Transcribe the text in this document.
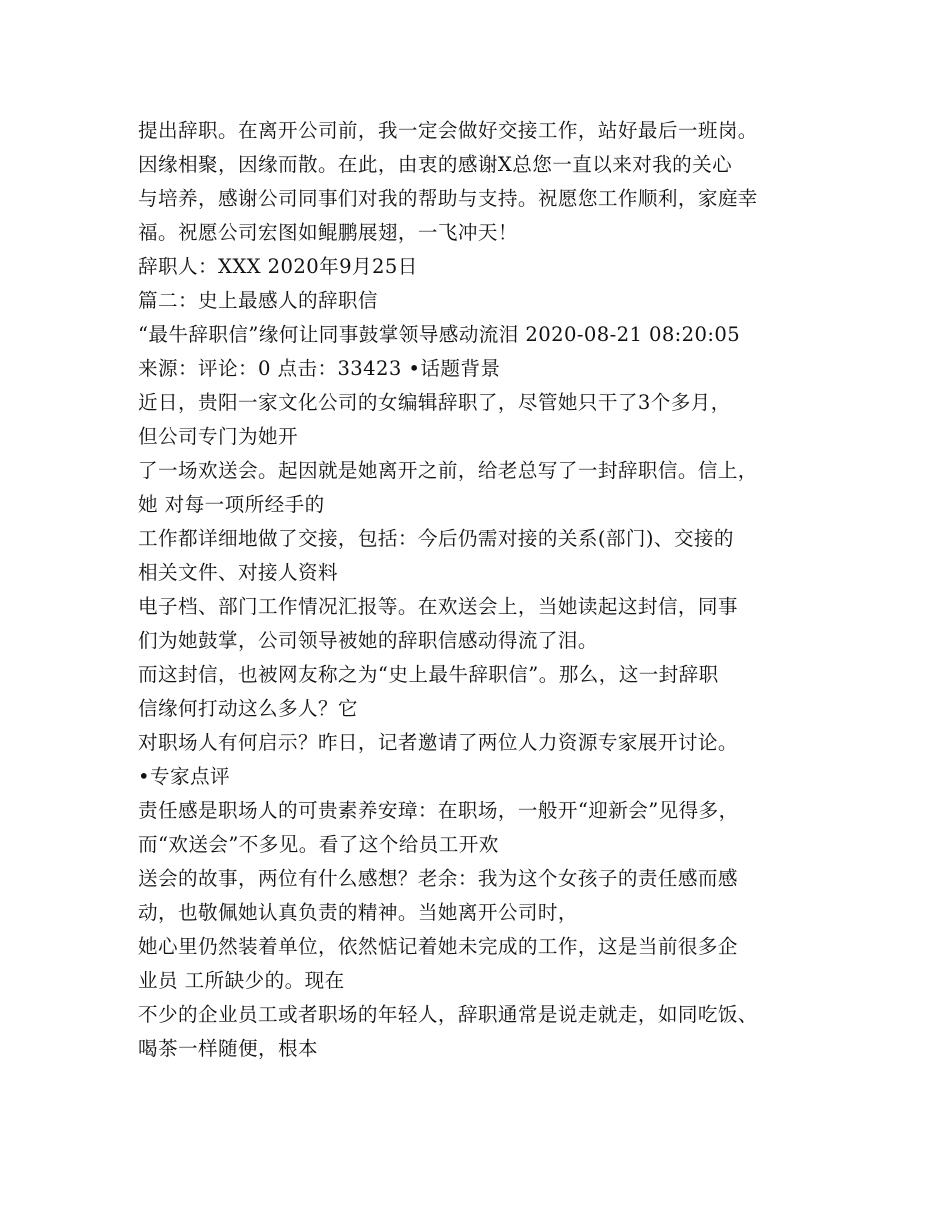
提出辞职。在离开公司前，我一定会做好交接工作，站好最后一班岗。
因缘相聚，因缘而散。在此，由衷的感谢X总您一直以来对我的关心
与培养，感谢公司同事们对我的帮助与支持。祝愿您工作顺利，家庭幸
福。祝愿公司宏图如鲲鹏展翅，一飞冲天！
辞职人：XXX 2020年9月25日
篇二：史上最感人的辞职信
“最牛辞职信”缘何让同事鼓掌领导感动流泪 2020-08-21 08:20:05
来源：评论：0 点击：33423 •话题背景
近日，贵阳一家文化公司的女编辑辞职了，尽管她只干了3个多月，
但公司专门为她开
了一场欢送会。起因就是她离开之前，给老总写了一封辞职信。信上，
她 对每一项所经手的
工作都详细地做了交接，包括：今后仍需对接的关系(部门)、交接的
相关文件、对接人资料
电子档、部门工作情况汇报等。在欢送会上，当她读起这封信，同事
们为她鼓掌，公司领导被她的辞职信感动得流了泪。
而这封信，也被网友称之为“史上最牛辞职信”。那么，这一封辞职
信缘何打动这么多人？它
对职场人有何启示？昨日，记者邀请了两位人力资源专家展开讨论。
•专家点评
责任感是职场人的可贵素养安璋：在职场，一般开“迎新会”见得多，
而“欢送会”不多见。看了这个给员工开欢
送会的故事，两位有什么感想？老余：我为这个女孩子的责任感而感
动，也敬佩她认真负责的精神。当她离开公司时，
她心里仍然装着单位，依然惦记着她未完成的工作，这是当前很多企
业员 工所缺少的。现在
不少的企业员工或者职场的年轻人，辞职通常是说走就走，如同吃饭、
喝茶一样随便，根本
